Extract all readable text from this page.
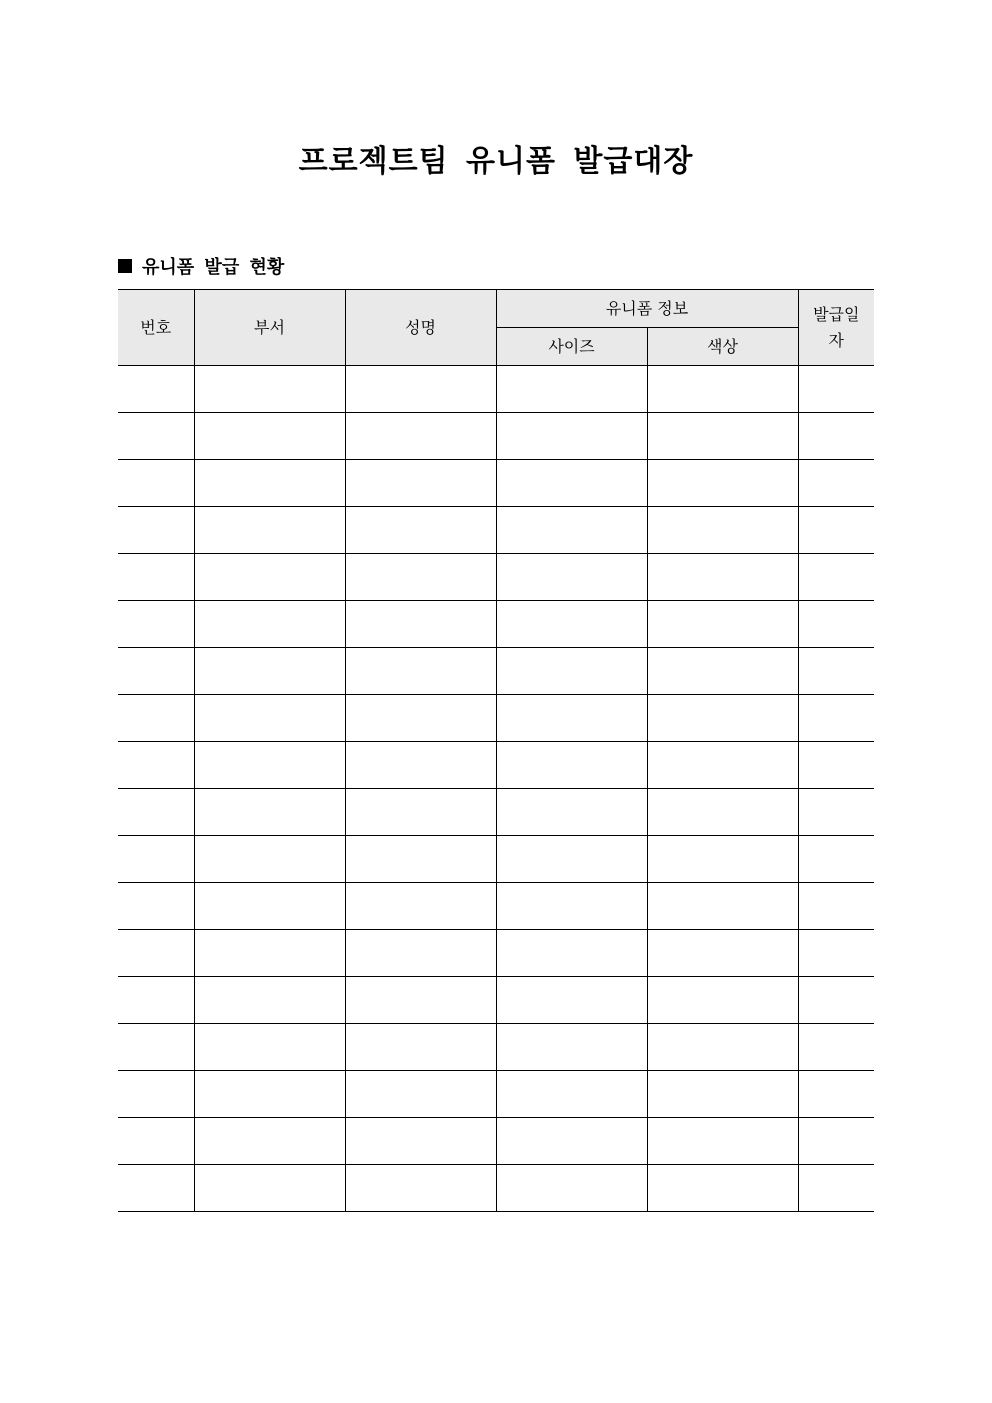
프로젝트팀 유니폼 발급대장
유니폼 발급 현황
번호	부서	성명	유니폼 정보		발급일자
			사이즈	색상	
